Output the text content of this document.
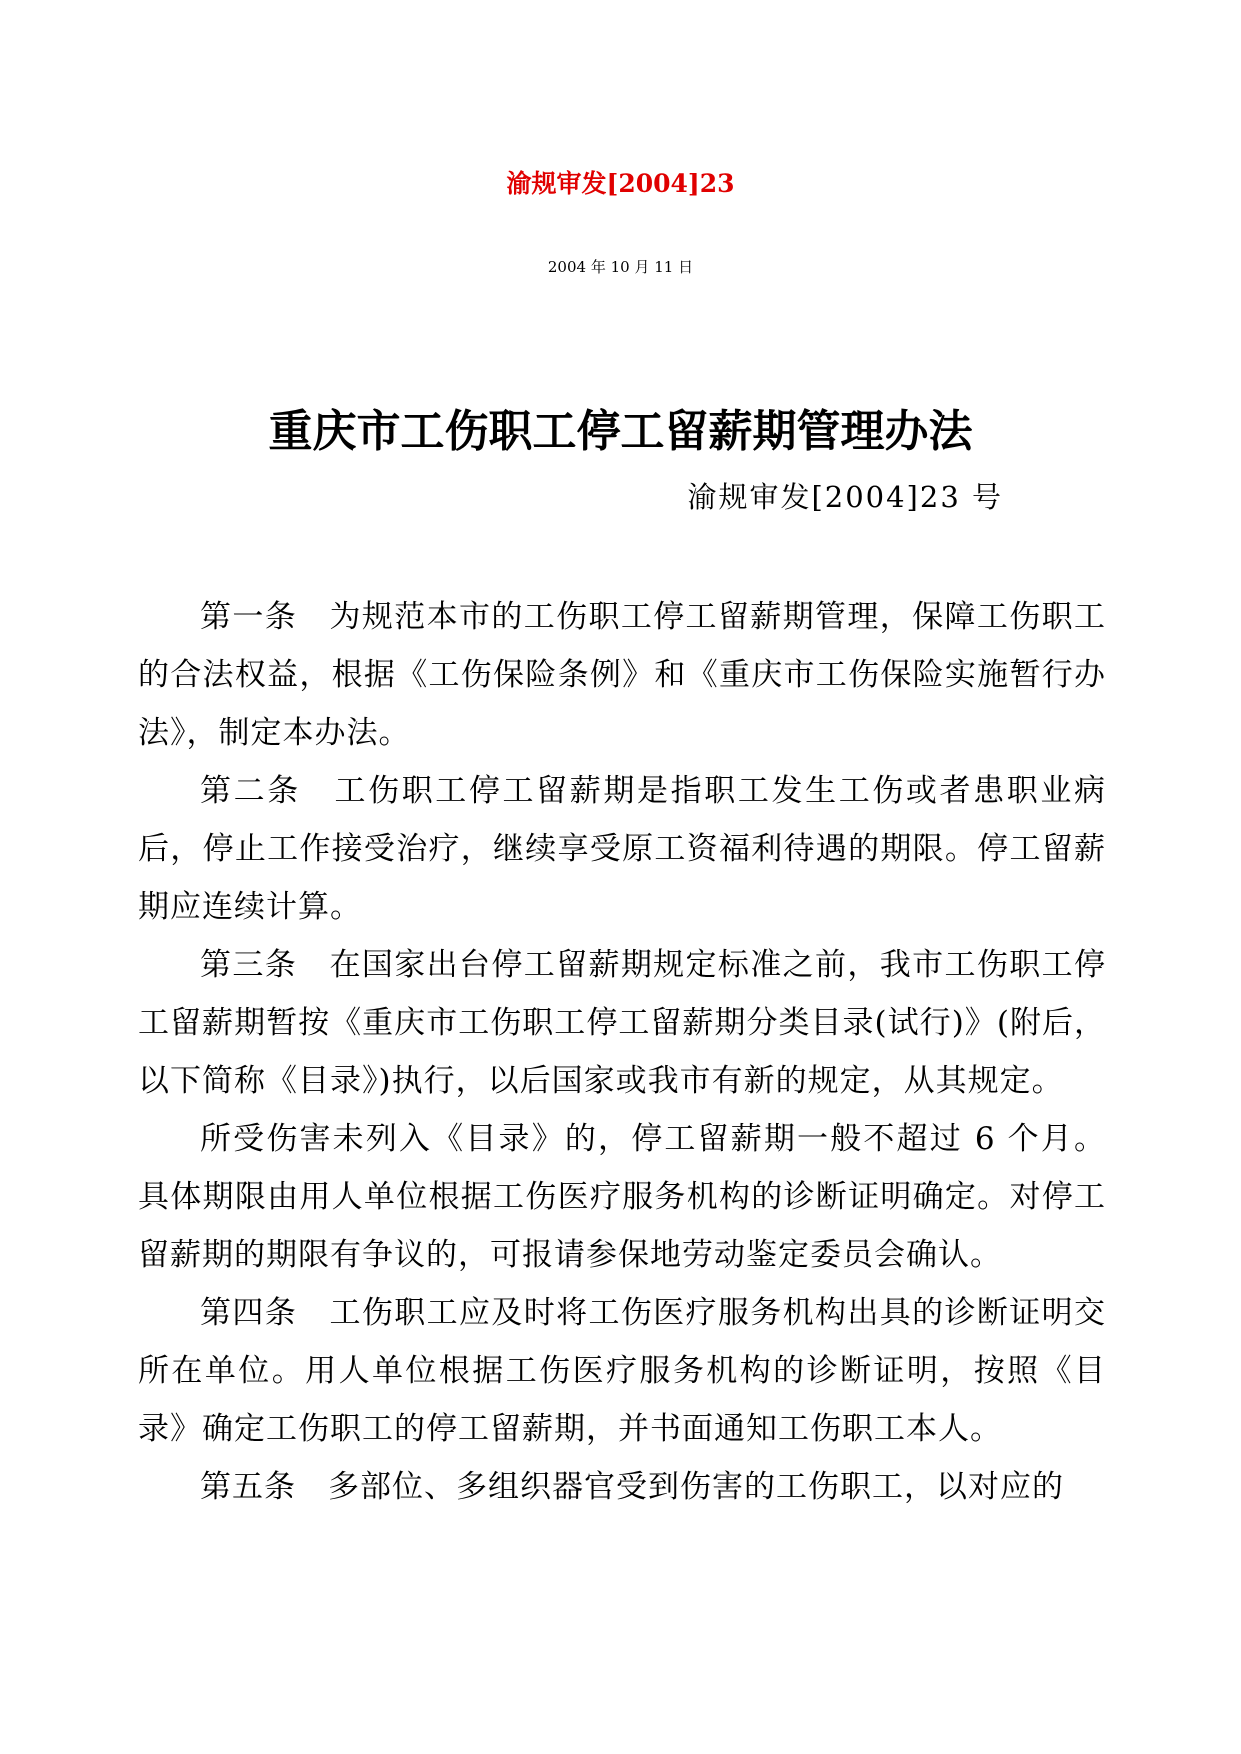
渝规审发[2004]23
2004 年 10 月 11 日
重庆市工伤职工停工留薪期管理办法
渝规审发[2004]23 号

第一条　为规范本市的工伤职工停工留薪期管理，保障工伤职工的合法权益，根据《工伤保险条例》和《重庆市工伤保险实施暂行办法》，制定本办法。

第二条　工伤职工停工留薪期是指职工发生工伤或者患职业病后，停止工作接受治疗，继续享受原工资福利待遇的期限。停工留薪期应连续计算。

第三条　在国家出台停工留薪期规定标准之前，我市工伤职工停工留薪期暂按《重庆市工伤职工停工留薪期分类目录(试行)》(附后，以下简称《目录》)执行，以后国家或我市有新的规定，从其规定。

所受伤害未列入《目录》的，停工留薪期一般不超过 6 个月。具体期限由用人单位根据工伤医疗服务机构的诊断证明确定。对停工留薪期的期限有争议的，可报请参保地劳动鉴定委员会确认。

第四条　工伤职工应及时将工伤医疗服务机构出具的诊断证明交所在单位。用人单位根据工伤医疗服务机构的诊断证明，按照《目录》确定工伤职工的停工留薪期，并书面通知工伤职工本人。

第五条　多部位、多组织器官受到伤害的工伤职工，以对应的
